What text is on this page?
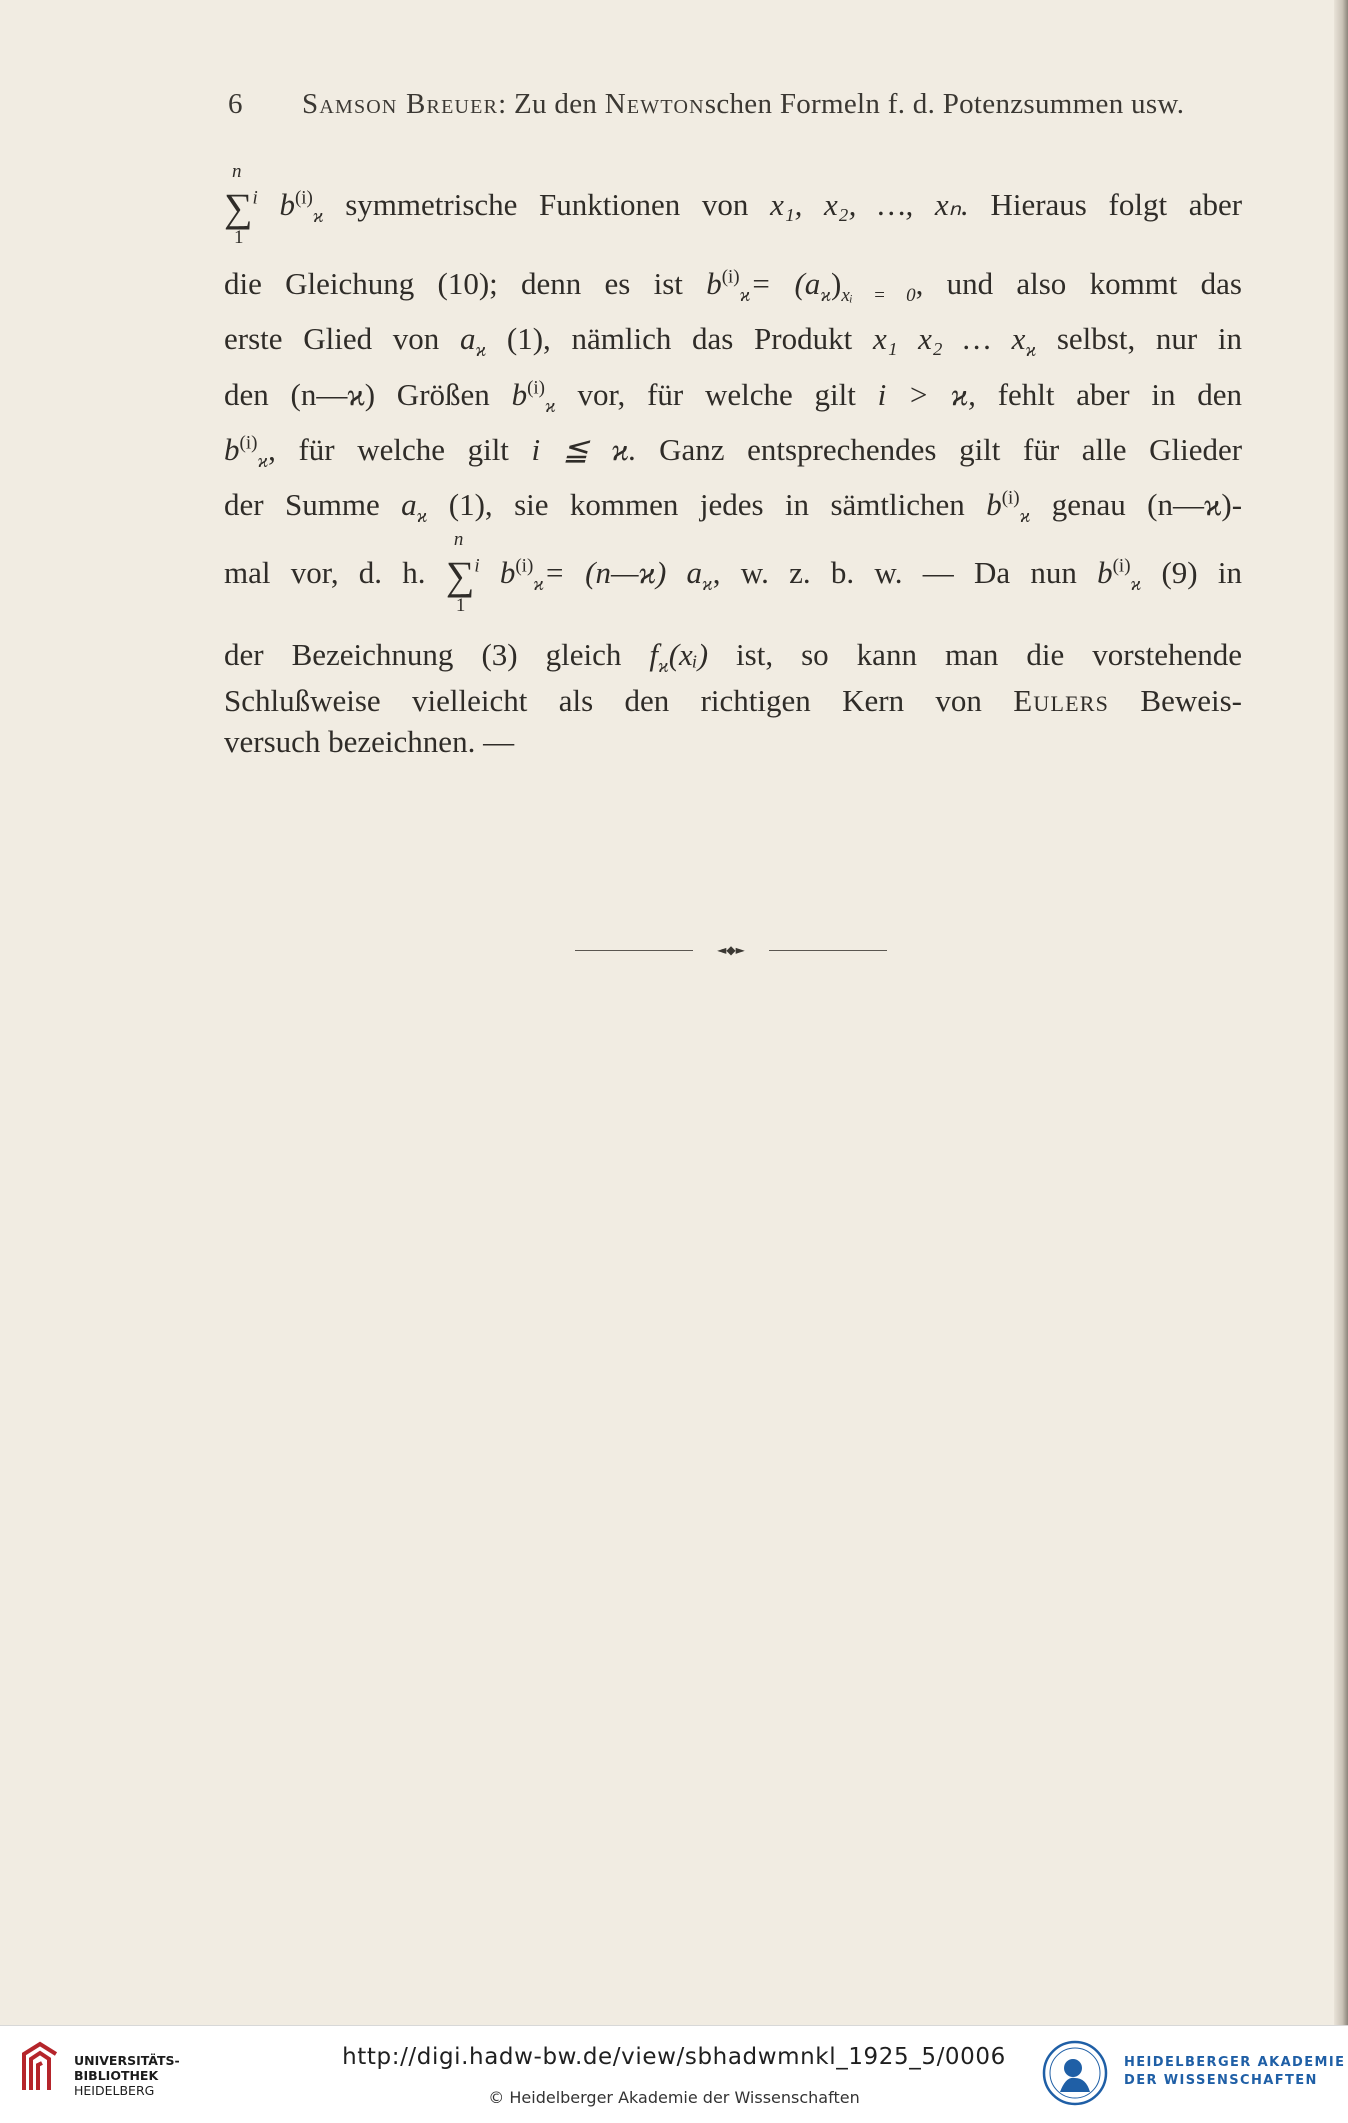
6 Samson Breuer: Zu den Newtonschen Formeln f. d. Potenzsummen usw.
∑
n
1
$^i$ $b^{(i)}_ϰ$ symmetrische Funktionen von x₁, x₂, …, xₙ. Hieraus folgt aber
die Gleichung (10); denn es ist $b^{(i)}_ϰ= (a_ϰ)_{xᵢ = 0}$, und also kommt das
erste Glied von $a_ϰ$ (1), nämlich das Produkt x₁ x₂ … $x_ϰ$ selbst, nur in
den (n—ϰ) Größen $b^{(i)}_ϰ$ vor, für welche gilt i > ϰ, fehlt aber in den
$b^{(i)}_ϰ$, für welche gilt i ≦ ϰ. Ganz entsprechendes gilt für alle Glieder
der Summe $a_ϰ$ (1), sie kommen jedes in sämtlichen $b^{(i)}_ϰ$ genau (n—ϰ)-
mal vor, d. h. ∑
n
1
$^i$ $b^{(i)}_ϰ=$ (n—ϰ) $a_ϰ$, w. z. b. w. — Da nun $b^{(i)}_ϰ$ (9) in
der Bezeichnung (3) gleich $f_ϰ(xᵢ)$ ist, so kann man die vorstehende
Schlußweise vielleicht als den richtigen Kern von Eulers Beweis-
versuch bezeichnen. —
◄◆►
UNIVERSITÄTS-
BIBLIOTHEK
HEIDELBERG
http://digi.hadw-bw.de/view/sbhadwmnkl_1925_5/0006
© Heidelberger Akademie der Wissenschaften
HEIDELBERGER AKADEMIE
DER WISSENSCHAFTEN
